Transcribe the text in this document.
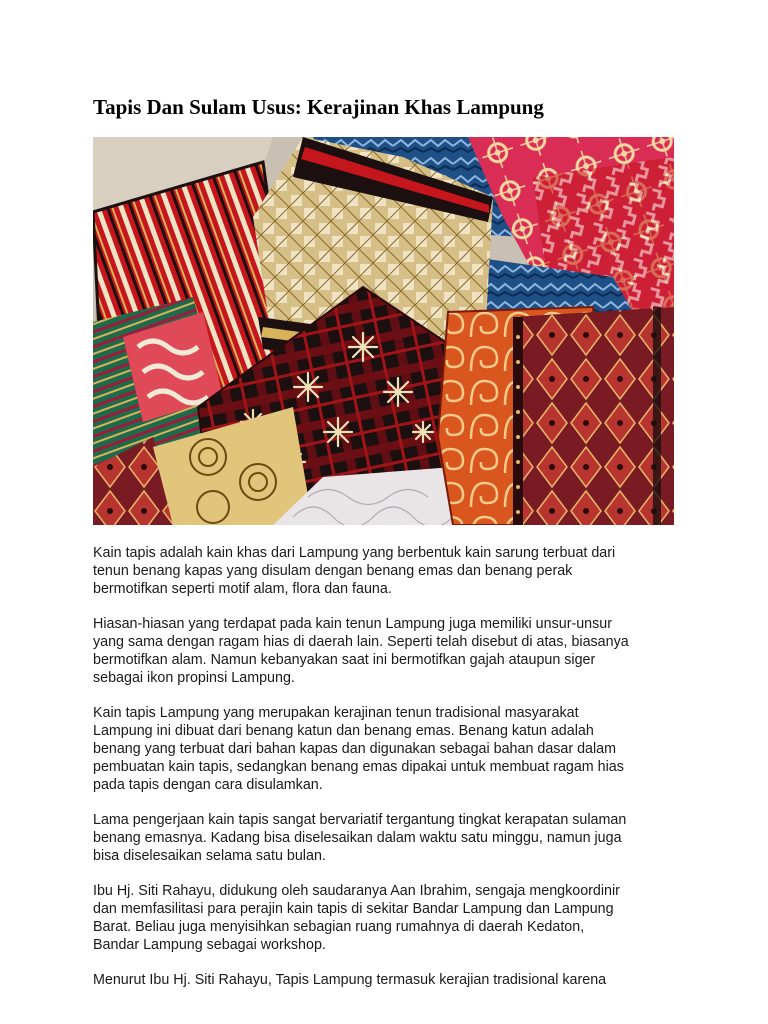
Tapis Dan Sulam Usus: Kerajinan Khas Lampung

Kain tapis adalah kain khas dari Lampung yang berbentuk kain sarung terbuat dari
tenun benang kapas yang disulam dengan benang emas dan benang perak
bermotifkan seperti motif alam, flora dan fauna.

Hiasan-hiasan yang terdapat pada kain tenun Lampung juga memiliki unsur-unsur
yang sama dengan ragam hias di daerah lain. Seperti telah disebut di atas, biasanya
bermotifkan alam. Namun kebanyakan saat ini bermotifkan gajah ataupun siger
sebagai ikon propinsi Lampung.

Kain tapis Lampung yang merupakan kerajinan tenun tradisional masyarakat
Lampung ini dibuat dari benang katun dan benang emas. Benang katun adalah
benang yang terbuat dari bahan kapas dan digunakan sebagai bahan dasar dalam
pembuatan kain tapis, sedangkan benang emas dipakai untuk membuat ragam hias
pada tapis dengan cara disulamkan.

Lama pengerjaan kain tapis sangat bervariatif tergantung tingkat kerapatan sulaman
benang emasnya. Kadang bisa diselesaikan dalam waktu satu minggu, namun juga
bisa diselesaikan selama satu bulan.

Ibu Hj. Siti Rahayu, didukung oleh saudaranya Aan Ibrahim, sengaja mengkoordinir
dan memfasilitasi para perajin kain tapis di sekitar Bandar Lampung dan Lampung
Barat. Beliau juga menyisihkan sebagian ruang rumahnya di daerah Kedaton,
Bandar Lampung sebagai workshop.

Menurut Ibu Hj. Siti Rahayu, Tapis Lampung termasuk kerajian tradisional karena
